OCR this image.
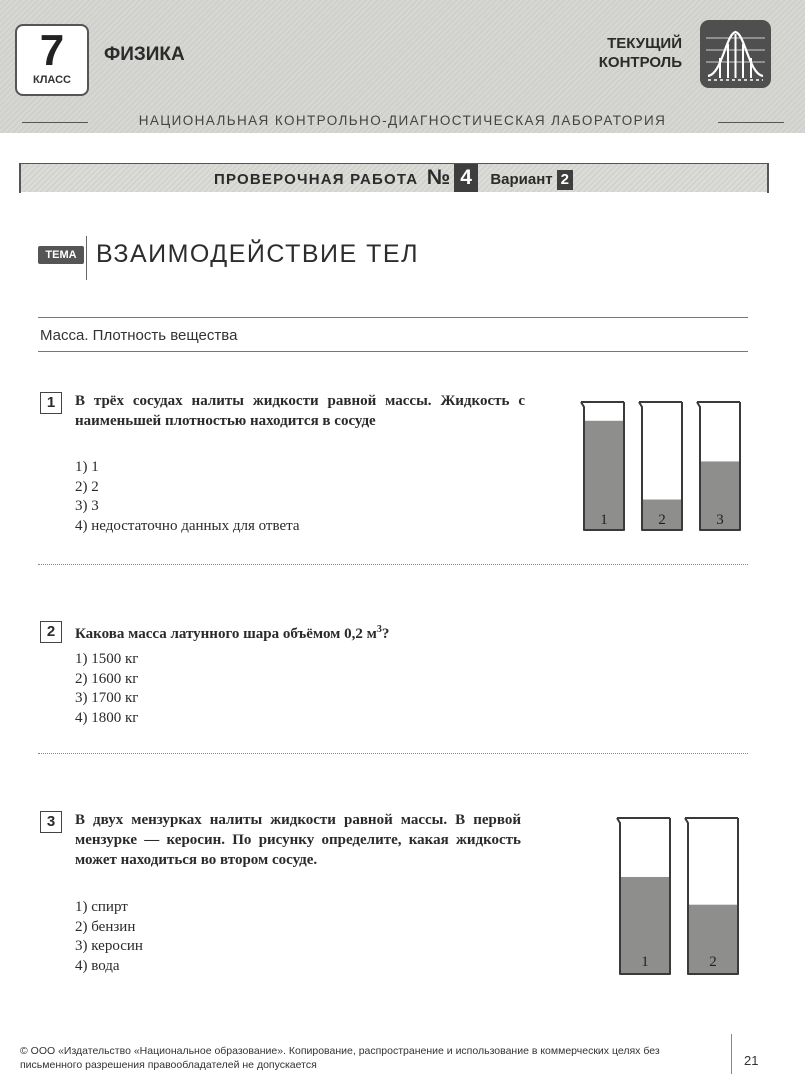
7
КЛАСС
ФИЗИКА
ТЕКУЩИЙ
КОНТРОЛЬ
НАЦИОНАЛЬНАЯ КОНТРОЛЬНО-ДИАГНОСТИЧЕСКАЯ ЛАБОРАТОРИЯ
ПРОВЕРОЧНАЯ РАБОТА № 4 Вариант 2
ТЕМА ВЗАИМОДЕЙСТВИЕ ТЕЛ
Масса. Плотность вещества
1	В трёх сосудах налиты жидкости равной массы. Жидкость с наименьшей плотностью находится в сосуде
1) 1
2) 2
3) 3
4) недостаточно данных для ответа	1	2	3
2	Какова масса латунного шара объёмом 0,2 $м^3$?
1) 1500 кг
2) 1600 кг
3) 1700 кг
4) 1800 кг
3	В двух мензурках налиты жидкости равной массы. В первой мензурке — керосин. По рисунку определите, какая жидкость может находиться во втором сосуде.
1) спирт
2) бензин
3) керосин
4) вода	1	2
© ООО «Издательство «Национальное образование». Копирование, распространение и использование в коммерческих целях без письменного разрешения правообладателей не допускается	21
